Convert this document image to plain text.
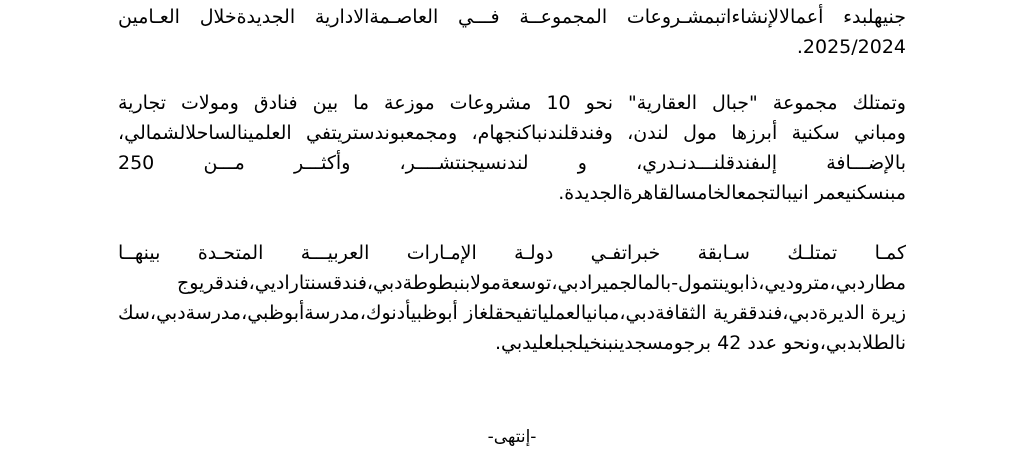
جنيهلبدء أعمالالإنشاءاتبمشـروعات المجموعــة فـــي العاصـمةالادارية الجديدةخلال العـامين
2025/2024.
وتمتلك مجموعة "جبال العقارية" نحو 10 مشروعات موزعة ما بين فنادق ومولات تجارية
ومباني سكنية أبرزها مول لندن، وفندقلندنباكنجهام، ومجمعبوندستريتفي العلمينالساحلالشمالي،
بالإضـــافة إلىفندقلنـــدنـدري، و لندنسيجنتشــــر، وأكثـــر مـــن 250
مبنسكنيعمر انيبالتجمعالخامسالقاهرةالجديدة.
كمـا تمتلـك سـابقة خبراتفـي دولـة الإمـارات العربيـــة المتحـدة بينهــا
مطاردبي،متروديي،ذابوينتمول-بالمالجميرادبي،توسعةمولابنبطوطةدبي،فندقسنتاراديي،فندقريوج
زيرة الديرةدبي،فندققرية الثقافةدبي،مبانيالعملياتفيحقلغاز أبوظبيأدنوك،مدرسةأبوظبي،مدرسةدبي،سك
نالطلابدبي،ونحو عدد 42 برجومسجدينبنخيلجبلعليدبي.
-إنتهى-
